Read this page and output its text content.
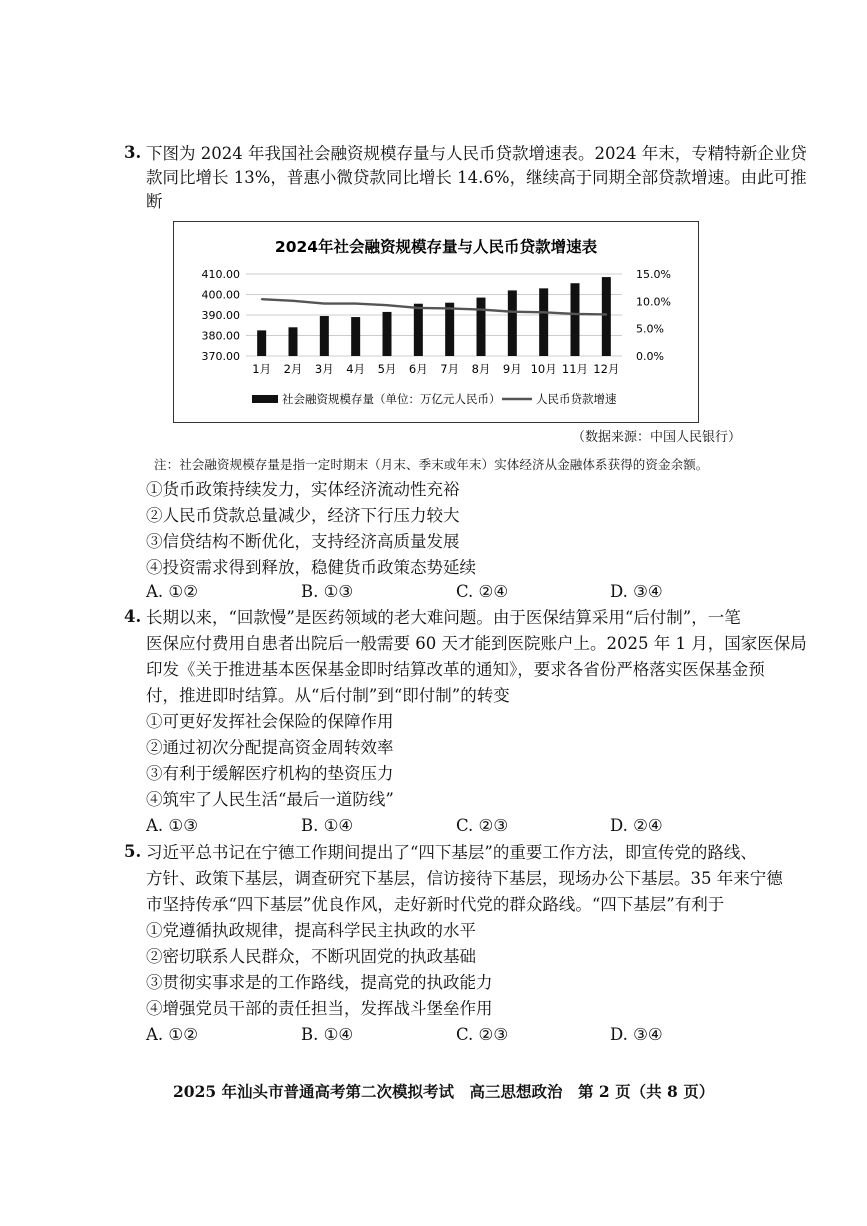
3. 下图为 2024 年我国社会融资规模存量与人民币贷款增速表。2024 年末，专精特新企业贷
款同比增长 13%，普惠小微贷款同比增长 14.6%，继续高于同期全部贷款增速。由此可推
断
2024年社会融资规模存量与人民币贷款增速表
410.00
400.00
390.00
380.00
370.00
15.0%
10.0%
5.0%
0.0%
1月 2月 3月 4月 5月 6月 7月 8月 9月 10月 11月 12月
社会融资规模存量（单位：万亿元人民币）	人民币贷款增速
（数据来源：中国人民银行）
注：社会融资规模存量是指一定时期末（月末、季末或年末）实体经济从金融体系获得的资金余额。
①货币政策持续发力，实体经济流动性充裕
②人民币贷款总量减少，经济下行压力较大
③信贷结构不断优化，支持经济高质量发展
④投资需求得到释放，稳健货币政策态势延续
A. ①②	B. ①③	C. ②④	D. ③④
4. 长期以来，“回款慢”是医药领域的老大难问题。由于医保结算采用“后付制”，一笔
医保应付费用自患者出院后一般需要 60 天才能到医院账户上。2025 年 1 月，国家医保局
印发《关于推进基本医保基金即时结算改革的通知》，要求各省份严格落实医保基金预
付，推进即时结算。从“后付制”到“即付制”的转变
①可更好发挥社会保险的保障作用
②通过初次分配提高资金周转效率
③有利于缓解医疗机构的垫资压力
④筑牢了人民生活“最后一道防线”
A. ①③	B. ①④	C. ②③	D. ②④
5. 习近平总书记在宁德工作期间提出了“四下基层”的重要工作方法，即宣传党的路线、
方针、政策下基层，调查研究下基层，信访接待下基层，现场办公下基层。35 年来宁德
市坚持传承“四下基层”优良作风，走好新时代党的群众路线。“四下基层”有利于
①党遵循执政规律，提高科学民主执政的水平
②密切联系人民群众，不断巩固党的执政基础
③贯彻实事求是的工作路线，提高党的执政能力
④增强党员干部的责任担当，发挥战斗堡垒作用
A. ①②	B. ①④	C. ②③	D. ③④
2025 年汕头市普通高考第二次模拟考试　高三思想政治　第 2 页（共 8 页）
